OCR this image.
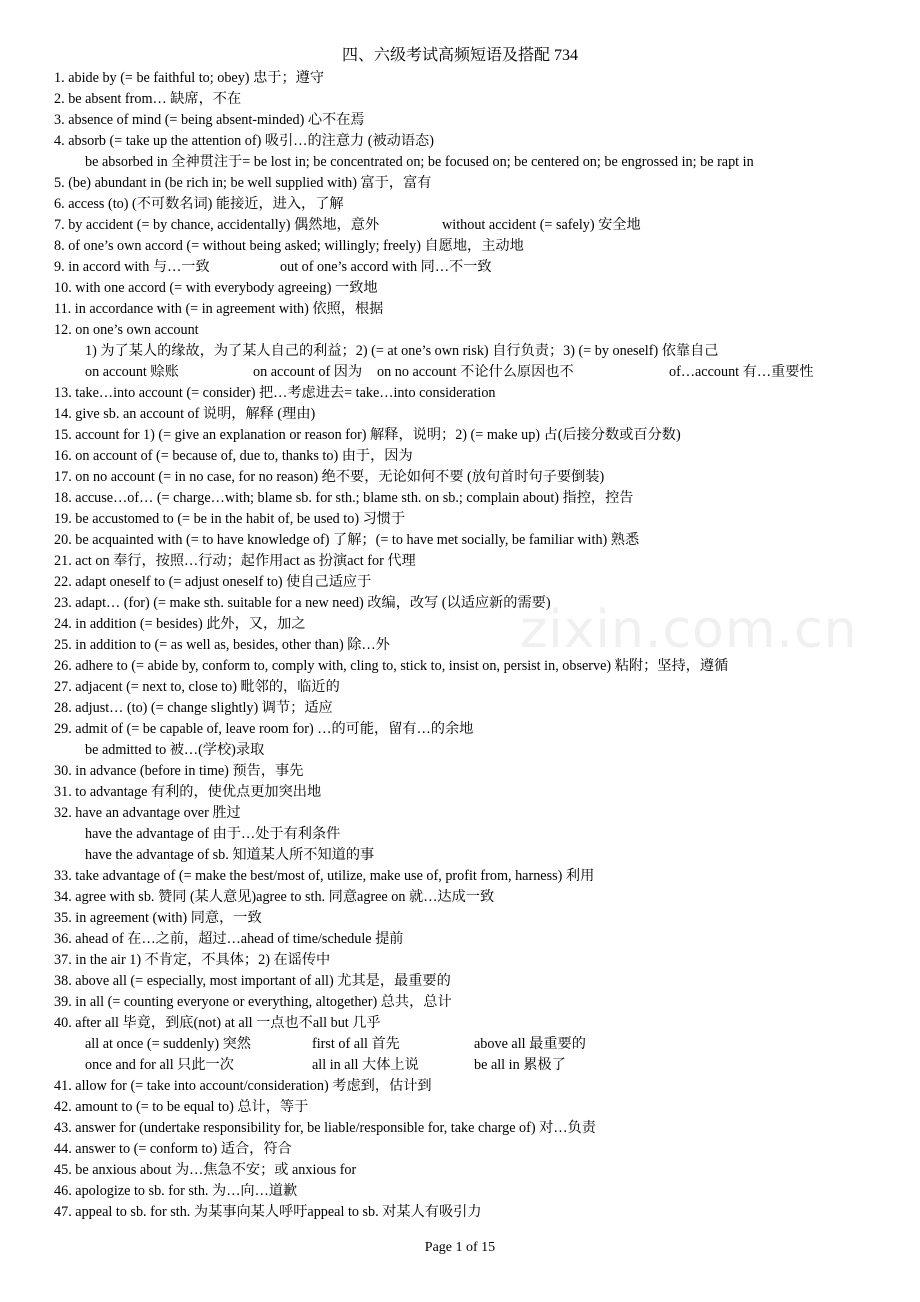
四、六级考试高频短语及搭配 734
1. abide by (= be faithful to; obey) 忠于；遵守
2. be absent from… 缺席，不在
3. absence of mind (= being absent-minded) 心不在焉
4. absorb (= take up the attention of) 吸引…的注意力 (被动语态)
be absorbed in 全神贯注于= be lost in; be concentrated on; be focused on; be centered on; be engrossed in; be rapt in
5. (be) abundant in (be rich in; be well supplied with) 富于，富有
6. access (to) (不可数名词) 能接近，进入，了解
7. by accident (= by chance, accidentally) 偶然地，意外	without accident (= safely) 安全地
8. of one’s own accord (= without being asked; willingly; freely) 自愿地，主动地
9. in accord with 与…一致	out of one’s accord with 同…不一致
10. with one accord (= with everybody agreeing) 一致地
11. in accordance with (= in agreement with) 依照，根据
12. on one’s own account
1) 为了某人的缘故，为了某人自己的利益；2) (= at one’s own risk) 自行负责；3) (= by oneself) 依靠自己
on account 赊账	on account of 因为 on no account 不论什么原因也不	of…account 有…重要性
13. take…into account (= consider) 把…考虑进去= take…into consideration
14. give sb. an account of 说明，解释 (理由)
15. account for 1) (= give an explanation or reason for) 解释，说明；2) (= make up) 占(后接分数或百分数)
16. on account of (= because of, due to, thanks to) 由于，因为
17. on no account (= in no case, for no reason) 绝不要，无论如何不要 (放句首时句子要倒装)
18. accuse…of… (= charge…with; blame sb. for sth.; blame sth. on sb.; complain about) 指控，控告
19. be accustomed to (= be in the habit of, be used to) 习惯于
20. be acquainted with (= to have knowledge of) 了解；(= to have met socially, be familiar with) 熟悉
21. act on 奉行，按照…行动；起作用act as 扮演act for 代理
22. adapt oneself to (= adjust oneself to) 使自己适应于
23. adapt… (for) (= make sth. suitable for a new need) 改编，改写 (以适应新的需要)
24. in addition (= besides) 此外，又，加之
25. in addition to (= as well as, besides, other than) 除…外
26. adhere to (= abide by, conform to, comply with, cling to, stick to, insist on, persist in, observe) 粘附；坚持，遵循
27. adjacent (= next to, close to) 毗邻的，临近的
28. adjust… (to) (= change slightly) 调节；适应
29. admit of (= be capable of, leave room for) …的可能，留有…的余地
be admitted to 被…(学校)录取
30. in advance (before in time) 预告，事先
31. to advantage 有利的，使优点更加突出地
32. have an advantage over 胜过
have the advantage of 由于…处于有利条件
have the advantage of sb. 知道某人所不知道的事
33. take advantage of (= make the best/most of, utilize, make use of, profit from, harness) 利用
34. agree with sb. 赞同 (某人意见)agree to sth. 同意agree on 就…达成一致
35. in agreement (with) 同意，一致
36. ahead of 在…之前，超过…ahead of time/schedule 提前
37. in the air 1) 不肯定，不具体；2) 在谣传中
38. above all (= especially, most important of all) 尤其是，最重要的
39. in all (= counting everyone or everything, altogether) 总共，总计
40. after all 毕竟，到底(not) at all 一点也不all but 几乎
all at once (= suddenly) 突然	first of all 首先	above all 最重要的
once and for all 只此一次	all in all 大体上说	be all in 累极了
41. allow for (= take into account/consideration) 考虑到，估计到
42. amount to (= to be equal to) 总计，等于
43. answer for (undertake responsibility for, be liable/responsible for, take charge of) 对…负责
44. answer to (= conform to) 适合，符合
45. be anxious about 为…焦急不安；或 anxious for
46. apologize to sb. for sth. 为…向…道歉
47. appeal to sb. for sth. 为某事向某人呼吁appeal to sb. 对某人有吸引力
zixin.com.cn
Page 1 of 15
